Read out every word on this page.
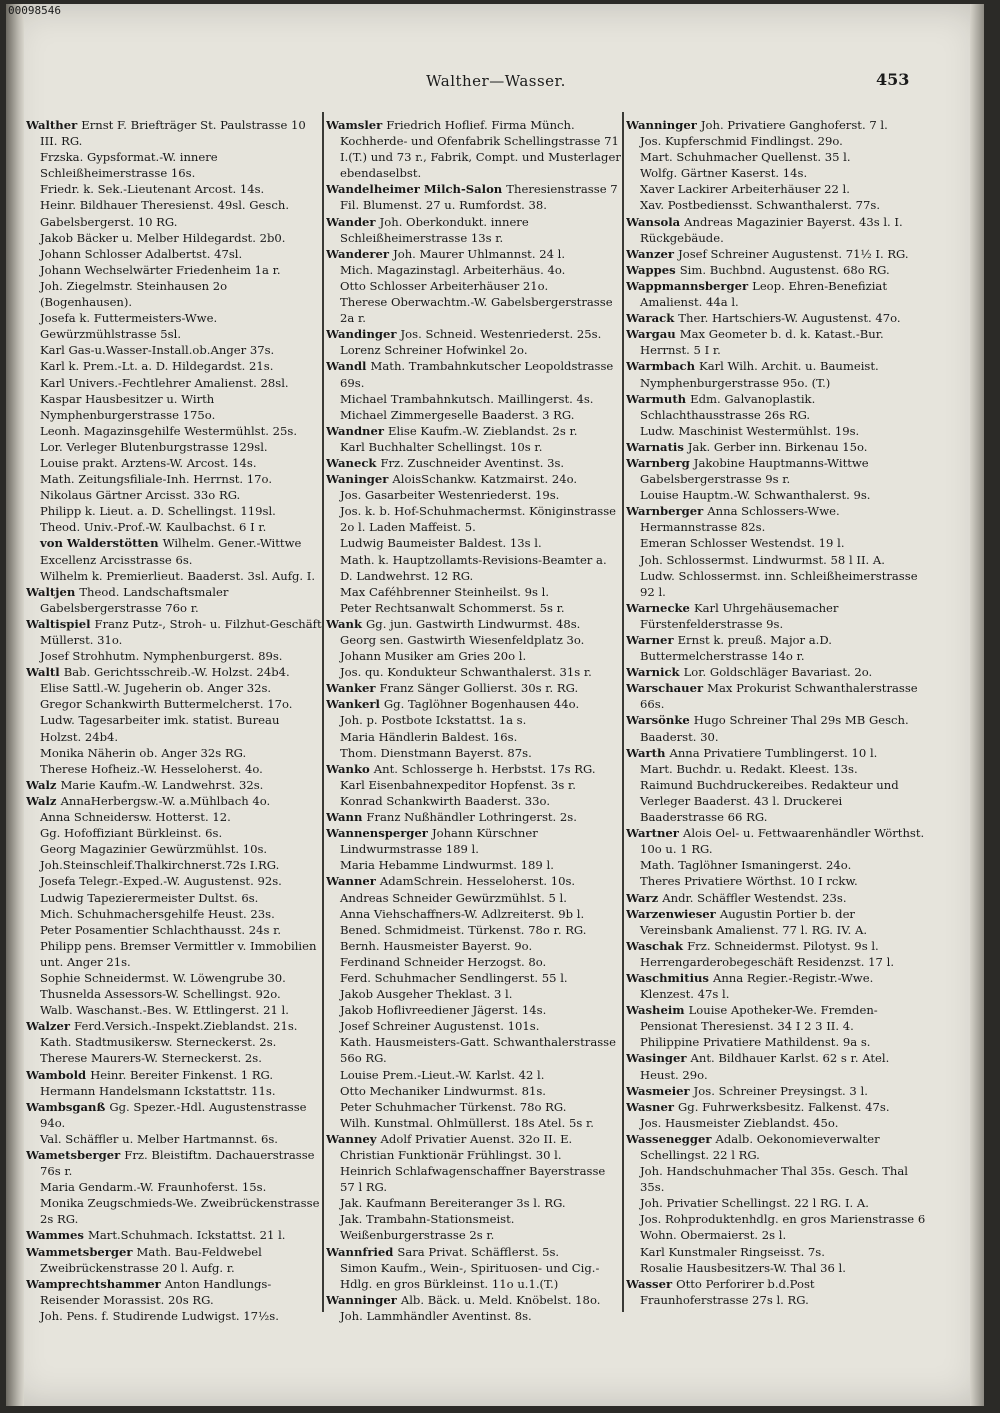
00098546
Walther—Wasser.	453

Walther Ernst F. Briefträger St. Paulstrasse 10 III. RG.

Frzska. Gypsformat.-W. innere Schleißheimerstrasse 16s.

Friedr. k. Sek.-Lieutenant Arcost. 14s.

Heinr. Bildhauer Theresienst. 49sl. Gesch. Gabelsbergerst. 10 RG.

Jakob Bäcker u. Melber Hildegardst. 2b0.

Johann Schlosser Adalbertst. 47sl.

Johann Wechselwärter Friedenheim 1a r.

Joh. Ziegelmstr. Steinhausen 2o (Bogenhausen).

Josefa k. Futtermeisters-Wwe. Gewürzmühlstrasse 5sl.

Karl Gas-u.Wasser-Install.ob.Anger 37s.

Karl k. Prem.-Lt. a. D. Hildegardst. 21s.

Karl Univers.-Fechtlehrer Amalienst. 28sl.

Kaspar Hausbesitzer u. Wirth Nymphenburgerstrasse 175o.

Leonh. Magazinsgehilfe Westermühlst. 25s.

Lor. Verleger Blutenburgstrasse 129sl.

Louise prakt. Arztens-W. Arcost. 14s.

Math. Zeitungsfiliale-Inh. Herrnst. 17o.

Nikolaus Gärtner Arcisst. 33o RG.

Philipp k. Lieut. a. D. Schellingst. 119sl.

Theod. Univ.-Prof.-W. Kaulbachst. 6 I r.

von Walderstötten Wilhelm. Gener.-Wittwe Excellenz Arcisstrasse 6s.

Wilhelm k. Premierlieut. Baaderst. 3sl. Aufg. I.

Waltjen Theod. Landschaftsmaler Gabelsbergerstrasse 76o r.

Waltispiel Franz Putz-, Stroh- u. Filzhut-Geschäft Müllerst. 31o.

Josef Strohhutm. Nymphenburgerst. 89s.

Waltl Bab. Gerichtsschreib.-W. Holzst. 24b4.

Elise Sattl.-W. Jugeherin ob. Anger 32s.

Gregor Schankwirth Buttermelcherst. 17o.

Ludw. Tagesarbeiter imk. statist. Bureau Holzst. 24b4.

Monika Näherin ob. Anger 32s RG.

Therese Hofheiz.-W. Hesseloherst. 4o.

Walz Marie Kaufm.-W. Landwehrst. 32s.

Walz AnnaHerbergsw.-W. a.Mühlbach 4o.

Anna Schneidersw. Hotterst. 12.

Gg. Hofoffiziant Bürkleinst. 6s.

Georg Magazinier Gewürzmühlst. 10s.

Joh.Steinschleif.Thalkirchnerst.72s I.RG.

Josefa Telegr.-Exped.-W. Augustenst. 92s.

Ludwig Tapezierermeister Dultst. 6s.

Mich. Schuhmachersgehilfe Heust. 23s.

Peter Posamentier Schlachthausst. 24s r.

Philipp pens. Bremser Vermittler v. Immobilien unt. Anger 21s.

Sophie Schneidermst. W. Löwengrube 30.

Thusnelda Assessors-W. Schellingst. 92o.

Walb. Waschanst.-Bes. W. Ettlingerst. 21 l.

Walzer Ferd.Versich.-Inspekt.Zieblandst. 21s.

Kath. Stadtmusikersw. Sterneckerst. 2s.

Therese Maurers-W. Sterneckerst. 2s.

Wambold Heinr. Bereiter Finkenst. 1 RG.

Hermann Handelsmann Ickstattstr. 11s.

Wambsganß Gg. Spezer.-Hdl. Augustenstrasse 94o.

Val. Schäffler u. Melber Hartmannst. 6s.

Wametsberger Frz. Bleistiftm. Dachauerstrasse 76s r.

Maria Gendarm.-W. Fraunhoferst. 15s.

Monika Zeugschmieds-We. Zweibrückenstrasse 2s RG.

Wammes Mart.Schuhmach. Ickstattst. 21 l.

Wammetsberger Math. Bau-Feldwebel Zweibrückenstrasse 20 l. Aufg. r.

Wamprechtshammer Anton Handlungs-Reisender Morassist. 20s RG.

Joh. Pens. f. Studirende Ludwigst. 17½s.

Wamsler Friedrich Hoflief. Firma Münch. Kochherde- und Ofenfabrik Schellingstrasse 71 I.(T.) und 73 r., Fabrik, Compt. und Musterlager ebendaselbst.

Wandelheimer Milch-Salon Theresienstrasse 7 Fil. Blumenst. 27 u. Rumfordst. 38.

Wander Joh. Oberkondukt. innere Schleißheimerstrasse 13s r.

Wanderer Joh. Maurer Uhlmannst. 24 l.

Mich. Magazinstagl. Arbeiterhäus. 4o.

Otto Schlosser Arbeiterhäuser 21o.

Therese Oberwachtm.-W. Gabelsbergerstrasse 2a r.

Wandinger Jos. Schneid. Westenriederst. 25s.

Lorenz Schreiner Hofwinkel 2o.

Wandl Math. Trambahnkutscher Leopoldstrasse 69s.

Michael Trambahnkutsch. Maillingerst. 4s.

Michael Zimmergeselle Baaderst. 3 RG.

Wandner Elise Kaufm.-W. Zieblandst. 2s r.

Karl Buchhalter Schellingst. 10s r.

Waneck Frz. Zuschneider Aventinst. 3s.

Waninger AloisSchankw. Katzmairst. 24o.

Jos. Gasarbeiter Westenriederst. 19s.

Jos. k. b. Hof-Schuhmachermst. Königinstrasse 2o l. Laden Maffeist. 5.

Ludwig Baumeister Baldest. 13s l.

Math. k. Hauptzollamts-Revisions-Beamter a. D. Landwehrst. 12 RG.

Max Caféhbrenner Steinheilst. 9s l.

Peter Rechtsanwalt Schommerst. 5s r.

Wank Gg. jun. Gastwirth Lindwurmst. 48s.

Georg sen. Gastwirth Wiesenfeldplatz 3o.

Johann Musiker am Gries 20o l.

Jos. qu. Kondukteur Schwanthalerst. 31s r.

Wanker Franz Sänger Gollierst. 30s r. RG.

Wankerl Gg. Taglöhner Bogenhausen 44o.

Joh. p. Postbote Ickstattst. 1a s.

Maria Händlerin Baldest. 16s.

Thom. Dienstmann Bayerst. 87s.

Wanko Ant. Schlosserge h. Herbstst. 17s RG.

Karl Eisenbahnexpeditor Hopfenst. 3s r.

Konrad Schankwirth Baaderst. 33o.

Wann Franz Nußhändler Lothringerst. 2s.

Wannensperger Johann Kürschner Lindwurmstrasse 189 l.

Maria Hebamme Lindwurmst. 189 l.

Wanner AdamSchrein. Hesseloherst. 10s.

Andreas Schneider Gewürzmühlst. 5 l.

Anna Viehschaffners-W. Adlzreiterst. 9b l.

Bened. Schmidmeist. Türkenst. 78o r. RG.

Bernh. Hausmeister Bayerst. 9o.

Ferdinand Schneider Herzogst. 8o.

Ferd. Schuhmacher Sendlingerst. 55 l.

Jakob Ausgeher Theklast. 3 l.

Jakob Hoflivreediener Jägerst. 14s.

Josef Schreiner Augustenst. 101s.

Kath. Hausmeisters-Gatt. Schwanthalerstrasse 56o RG.

Louise Prem.-Lieut.-W. Karlst. 42 l.

Otto Mechaniker Lindwurmst. 81s.

Peter Schuhmacher Türkenst. 78o RG.

Wilh. Kunstmal. Ohlmüllerst. 18s Atel. 5s r.

Wanney Adolf Privatier Auenst. 32o II. E.

Christian Funktionär Frühlingst. 30 l.

Heinrich Schlafwagenschaffner Bayerstrasse 57 l RG.

Jak. Kaufmann Bereiteranger 3s l. RG.

Jak. Trambahn-Stationsmeist. Weißenburgerstrasse 2s r.

Wannfried Sara Privat. Schäfflerst. 5s.

Simon Kaufm., Wein-, Spirituosen- und Cig.-Hdlg. en gros Bürkleinst. 11o u.1.(T.)

Wanninger Alb. Bäck. u. Meld. Knöbelst. 18o.

Joh. Lammhändler Aventinst. 8s.

Wanninger Joh. Privatiere Ganghoferst. 7 l.

Jos. Kupferschmid Findlingst. 29o.

Mart. Schuhmacher Quellenst. 35 l.

Wolfg. Gärtner Kaserst. 14s.

Xaver Lackirer Arbeiterhäuser 22 l.

Xav. Postbediensst. Schwanthalerst. 77s.

Wansola Andreas Magazinier Bayerst. 43s l. I. Rückgebäude.

Wanzer Josef Schreiner Augustenst. 71½ I. RG.

Wappes Sim. Buchbnd. Augustenst. 68o RG.

Wappmannsberger Leop. Ehren-Benefiziat Amalienst. 44a l.

Warack Ther. Hartschiers-W. Augustenst. 47o.

Wargau Max Geometer b. d. k. Katast.-Bur. Herrnst. 5 I r.

Warmbach Karl Wilh. Archit. u. Baumeist. Nymphenburgerstrasse 95o. (T.)

Warmuth Edm. Galvanoplastik. Schlachthausstrasse 26s RG.

Ludw. Maschinist Westermühlst. 19s.

Warnatis Jak. Gerber inn. Birkenau 15o.

Warnberg Jakobine Hauptmanns-Wittwe Gabelsbergerstrasse 9s r.

Louise Hauptm.-W. Schwanthalerst. 9s.

Warnberger Anna Schlossers-Wwe. Hermannstrasse 82s.

Emeran Schlosser Westendst. 19 l.

Joh. Schlossermst. Lindwurmst. 58 l II. A.

Ludw. Schlossermst. inn. Schleißheimerstrasse 92 l.

Warnecke Karl Uhrgehäusemacher Fürstenfelderstrasse 9s.

Warner Ernst k. preuß. Major a.D. Buttermelcherstrasse 14o r.

Warnick Lor. Goldschläger Bavariast. 2o.

Warschauer Max Prokurist Schwanthalerstrasse 66s.

Warsönke Hugo Schreiner Thal 29s MB Gesch. Baaderst. 30.

Warth Anna Privatiere Tumblingerst. 10 l.

Mart. Buchdr. u. Redakt. Kleest. 13s.

Raimund Buchdruckereibes. Redakteur und Verleger Baaderst. 43 l. Druckerei Baaderstrasse 66 RG.

Wartner Alois Oel- u. Fettwaarenhändler Wörthst. 10o u. 1 RG.

Math. Taglöhner Ismaningerst. 24o.

Theres Privatiere Wörthst. 10 I rckw.

Warz Andr. Schäffler Westendst. 23s.

Warzenwieser Augustin Portier b. der Vereinsbank Amalienst. 77 l. RG. IV. A.

Waschak Frz. Schneidermst. Pilotyst. 9s l. Herrengarderobegeschäft Residenzst. 17 l.

Waschmitius Anna Regier.-Registr.-Wwe. Klenzest. 47s l.

Washeim Louise Apotheker-We. Fremden-Pensionat Theresienst. 34 I 2 3 II. 4.

Philippine Privatiere Mathildenst. 9a s.

Wasinger Ant. Bildhauer Karlst. 62 s r. Atel. Heust. 29o.

Wasmeier Jos. Schreiner Preysingst. 3 l.

Wasner Gg. Fuhrwerksbesitz. Falkenst. 47s.

Jos. Hausmeister Zieblandst. 45o.

Wassenegger Adalb. Oekonomieverwalter Schellingst. 22 l RG.

Joh. Handschuhmacher Thal 35s. Gesch. Thal 35s.

Joh. Privatier Schellingst. 22 l RG. I. A.

Jos. Rohproduktenhdlg. en gros Marienstrasse 6 Wohn. Obermaierst. 2s l.

Karl Kunstmaler Ringseisst. 7s.

Rosalie Hausbesitzers-W. Thal 36 l.

Wasser Otto Perforirer b.d.Post Fraunhoferstrasse 27s l. RG.
